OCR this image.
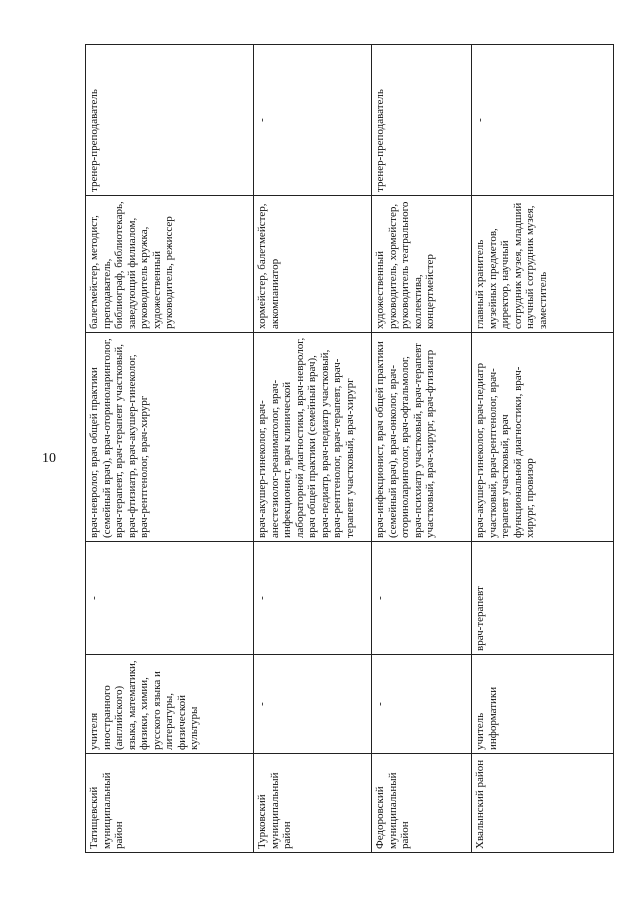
10
Татищевский муниципальный район	учителя иностранного (английского) языка, математики, физики, химии, русского языка и литературы, физической культуры	-	врач-невролог, врач общей практики (семейный врач), врач-оториноларинголог, врач-терапевт, врач-терапевт участковый, врач-фтизиатр, врач-акушер-гинеколог, врач-рентгенолог, врач-хирург	балетмейстер, методист, преподаватель, библиограф, библиотекарь, заведующий филиалом, руководитель кружка, художественный руководитель, режиссер	тренер-преподаватель
Турковский муниципальный район	-	-	врач-акушер-гинеколог, врач-анестезиолог-реаниматолог, врач-инфекционист, врач клинической лабораторной диагностики, врач-невролог, врач общей практики (семейный врач), врач-педиатр, врач-педиатр участковый, врач-рентгенолог, врач-терапевт, врач-терапевт участковый, врач-хирург	хормейстер, балетмейстер, аккомпаниатор	-
Федоровский муниципальный район	-	-	врач-инфекционист, врач общей практики (семейный врач), врач-онколог, врач-оториноларинголог, врач-офтальмолог, врач-психиатр участковый, врач-терапевт участковый, врач-хирург, врач-фтизиатр	художественный руководитель, хормейстер, руководитель театрального коллектива, концертмейстер	тренер-преподаватель
Хвалынский район	учитель информатики	врач-терапевт	врач-акушер-гинеколог, врач-педиатр участковый, врач-рентгенолог, врач-терапевт участковый, врач функциональной диагностики, врач-хирург, провизор	главный хранитель музейных предметов, директор, научный сотрудник музея, младший научный сотрудник музея, заместитель	-
